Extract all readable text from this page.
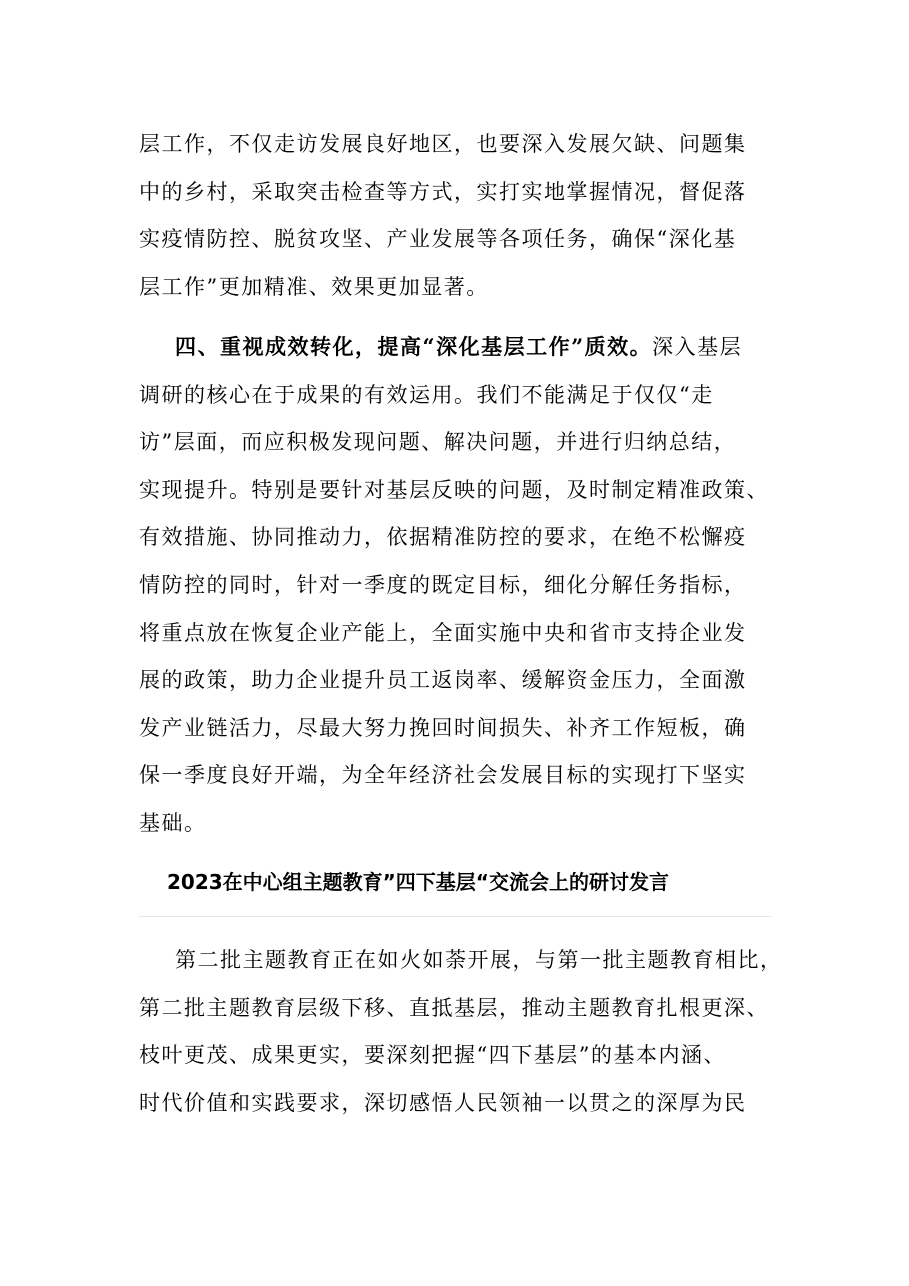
层工作，不仅走访发展良好地区，也要深入发展欠缺、问题集
中的乡村，采取突击检查等方式，实打实地掌握情况，督促落
实疫情防控、脱贫攻坚、产业发展等各项任务，确保“深化基
层工作”更加精准、效果更加显著。
四、重视成效转化，提高“深化基层工作”质效。深入基层
调研的核心在于成果的有效运用。我们不能满足于仅仅“走
访”层面，而应积极发现问题、解决问题，并进行归纳总结，
实现提升。特别是要针对基层反映的问题，及时制定精准政策、
有效措施、协同推动力，依据精准防控的要求，在绝不松懈疫
情防控的同时，针对一季度的既定目标，细化分解任务指标，
将重点放在恢复企业产能上，全面实施中央和省市支持企业发
展的政策，助力企业提升员工返岗率、缓解资金压力，全面激
发产业链活力，尽最大努力挽回时间损失、补齐工作短板，确
保一季度良好开端，为全年经济社会发展目标的实现打下坚实
基础。
2023在中心组主题教育”四下基层“交流会上的研讨发言
第二批主题教育正在如火如荼开展，与第一批主题教育相比，
第二批主题教育层级下移、直抵基层，推动主题教育扎根更深、
枝叶更茂、成果更实，要深刻把握“四下基层”的基本内涵、
时代价值和实践要求，深切感悟人民领袖一以贯之的深厚为民
